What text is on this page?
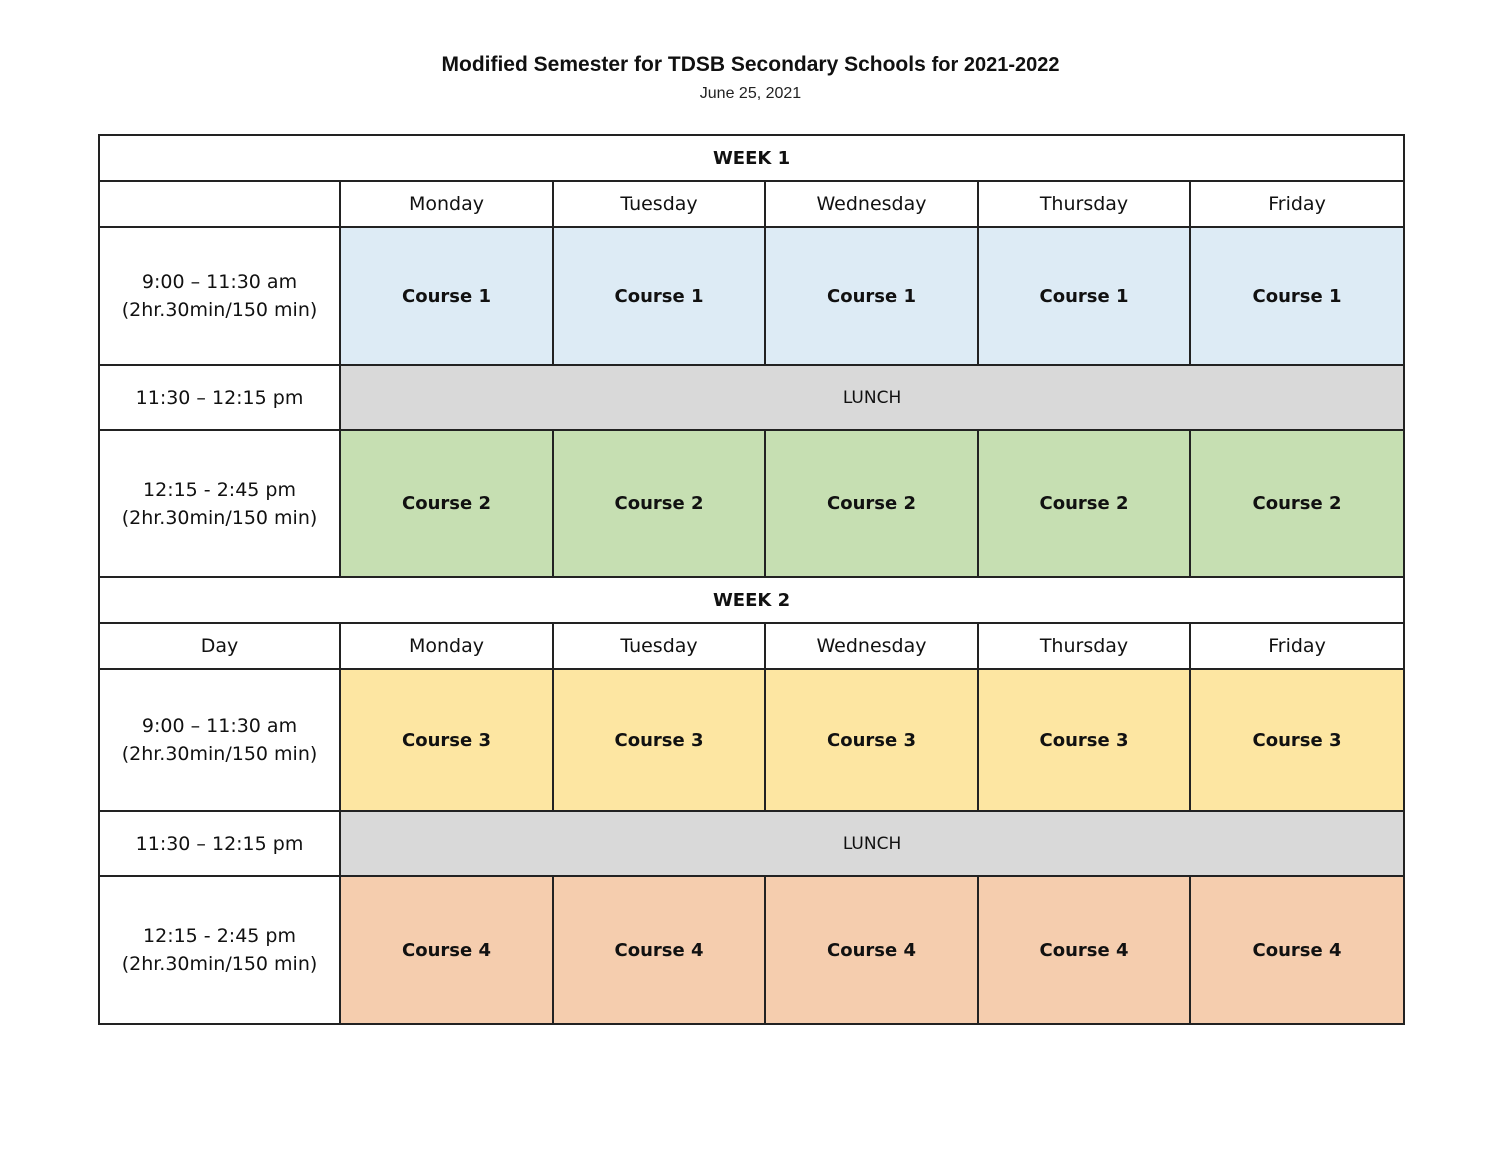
Modified Semester for TDSB Secondary Schools for 2021-2022
June 25, 2021
WEEK 1					
	Monday	Tuesday	Wednesday	Thursday	Friday

9:00 – 11:30 am
(2hr.30min/150 min)	Course 1	Course 1	Course 1	Course 1	Course 1
11:30 – 12:15 pm	LUNCH				

12:15 - 2:45 pm
(2hr.30min/150 min)	Course 2	Course 2	Course 2	Course 2	Course 2
WEEK 2					
Day	Monday	Tuesday	Wednesday	Thursday	Friday

9:00 – 11:30 am
(2hr.30min/150 min)	Course 3	Course 3	Course 3	Course 3	Course 3
11:30 – 12:15 pm	LUNCH				

12:15 - 2:45 pm
(2hr.30min/150 min)	Course 4	Course 4	Course 4	Course 4	Course 4
